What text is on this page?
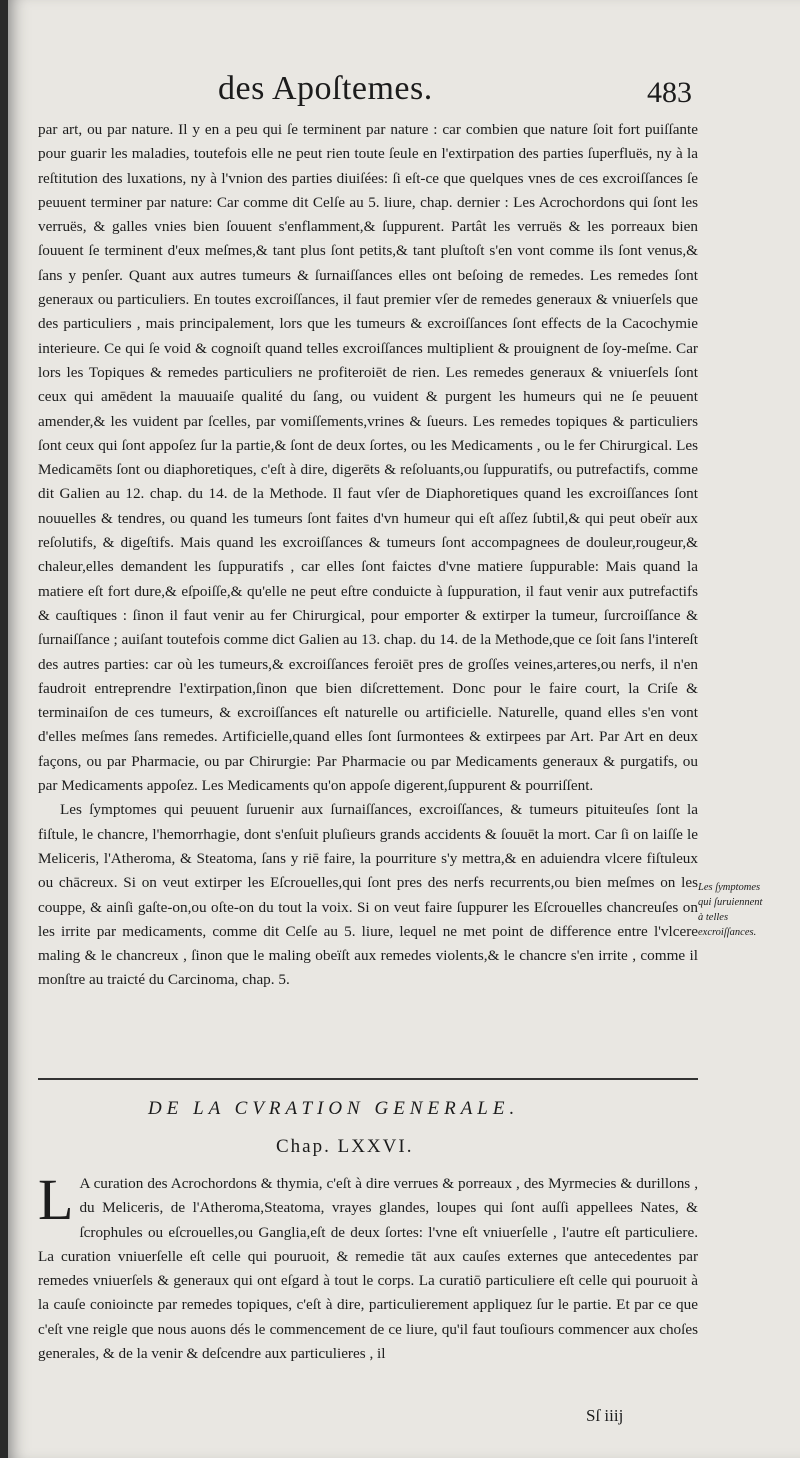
des Apoſtemes.	483

par art, ou par nature. Il y en a peu qui ſe terminent par nature : car combien que nature ſoit fort puiſſante pour guarir les maladies, toutefois elle ne peut rien toute ſeule en l'extirpation des parties ſuperfluës, ny à la reſtitution des luxations, ny à l'vnion des parties diuiſées: ſi eſt-ce que quelques vnes de ces excroiſſances ſe peuuent terminer par nature: Car comme dit Celſe au 5. liure, chap. dernier : Les Acrochordons qui ſont les verruës, & galles vnies bien ſouuent s'enflamment,& ſuppurent. Partât les verruës & les porreaux bien ſouuent ſe terminent d'eux meſmes,& tant plus ſont petits,& tant pluſtoſt s'en vont comme ils ſont venus,& ſans y penſer. Quant aux autres tumeurs & ſurnaiſſances elles ont beſoing de remedes. Les remedes ſont generaux ou particuliers. En toutes excroiſſances, il faut premier vſer de remedes generaux & vniuerſels que des particuliers , mais principalement, lors que les tumeurs & excroiſſances ſont effects de la Cacochymie interieure. Ce qui ſe void & cognoiſt quand telles excroiſſances multiplient & prouignent de ſoy-meſme. Car lors les Topiques & remedes particuliers ne profiteroiēt de rien. Les remedes generaux & vniuerſels ſont ceux qui amēdent la mauuaiſe qualité du ſang, ou vuident & purgent les humeurs qui ne ſe peuuent amender,& les vuident par ſcelles, par vomiſſements,vrines & ſueurs. Les remedes topiques & particuliers ſont ceux qui ſont appoſez ſur la partie,& ſont de deux ſortes, ou les Medicaments , ou le fer Chirurgical. Les Medicamēts ſont ou diaphoretiques, c'eſt à dire, digerēts & reſoluants,ou ſuppuratifs, ou putrefactifs, comme dit Galien au 12. chap. du 14. de la Methode. Il faut vſer de Diaphoretiques quand les excroiſſances ſont nouuelles & tendres, ou quand les tumeurs ſont faites d'vn humeur qui eſt aſſez ſubtil,& qui peut obeïr aux reſolutifs, & digeſtifs. Mais quand les excroiſſances & tumeurs ſont accompagnees de douleur,rougeur,& chaleur,elles demandent les ſuppuratifs , car elles ſont faictes d'vne matiere ſuppurable: Mais quand la matiere eſt fort dure,& eſpoiſſe,& qu'elle ne peut eſtre conduicte à ſuppuration, il faut venir aux putrefactifs & cauſtiques : ſinon il faut venir au fer Chirurgical, pour emporter & extirper la tumeur, ſurcroiſſance & ſurnaiſſance ; auiſant toutefois comme dict Galien au 13. chap. du 14. de la Methode,que ce ſoit ſans l'intereſt des autres parties: car où les tumeurs,& excroiſſances feroiēt pres de groſſes veines,arteres,ou nerfs, il n'en faudroit entreprendre l'extirpation,ſinon que bien diſcrettement. Donc pour le faire court, la Criſe & terminaiſon de ces tumeurs, & excroiſſances eſt naturelle ou artificielle. Naturelle, quand elles s'en vont d'elles meſmes ſans remedes. Artificielle,quand elles ſont ſurmontees & extirpees par Art. Par Art en deux façons, ou par Pharmacie, ou par Chirurgie: Par Pharmacie ou par Medicaments generaux & purgatifs, ou par Medicaments appoſez. Les Medicaments qu'on appoſe digerent,ſuppurent & pourriſſent.

Les ſymptomes qui peuuent ſuruenir aux ſurnaiſſances, excroiſſances, & tumeurs pituiteuſes ſont la fiſtule, le chancre, l'hemorrhagie, dont s'enſuit pluſieurs grands accidents & ſouuēt la mort. Car ſi on laiſſe le Meliceris, l'Atheroma, & Steatoma, ſans y riē faire, la pourriture s'y mettra,& en aduiendra vlcere fiſtuleux ou chācreux. Si on veut extirper les Eſcrouelles,qui ſont pres des nerfs recurrents,ou bien meſmes on les couppe, & ainſi gaſte-on,ou oſte-on du tout la voix. Si on veut faire ſuppurer les Eſcrouelles chancreuſes on les irrite par medicaments, comme dit Celſe au 5. liure, lequel ne met point de difference entre l'vlcere maling & le chancreux , ſinon que le maling obeïſt aux remedes violents,& le chancre s'en irrite , comme il monſtre au traicté du Carcinoma, chap. 5.

Les ſymptomes qui ſuruiennent à telles excroiſſances.
DE LA CVRATION GENERALE.
Chap. LXXVI.

L A curation des Acrochordons & thymia, c'eſt à dire verrues & porreaux , des Myrmecies & durillons , du Meliceris, de l'Atheroma,Steatoma, vrayes glandes, loupes qui ſont auſſi appellees Nates, & ſcrophules ou eſcrouelles,ou Ganglia,eſt de deux ſortes: l'vne eſt vniuerſelle , l'autre eſt particuliere. La curation vniuerſelle eſt celle qui pouruoit, & remedie tāt aux cauſes externes que antecedentes par remedes vniuerſels & generaux qui ont eſgard à tout le corps. La curatiō particuliere eſt celle qui pouruoit à la cauſe conioincte par remedes topiques, c'eſt à dire, particulierement appliquez ſur le partie. Et par ce que c'eſt vne reigle que nous auons dés le commencement de ce liure, qu'il faut touſiours commencer aux choſes generales, & de la venir & deſcendre aux particulieres , il

Sſ iiij
